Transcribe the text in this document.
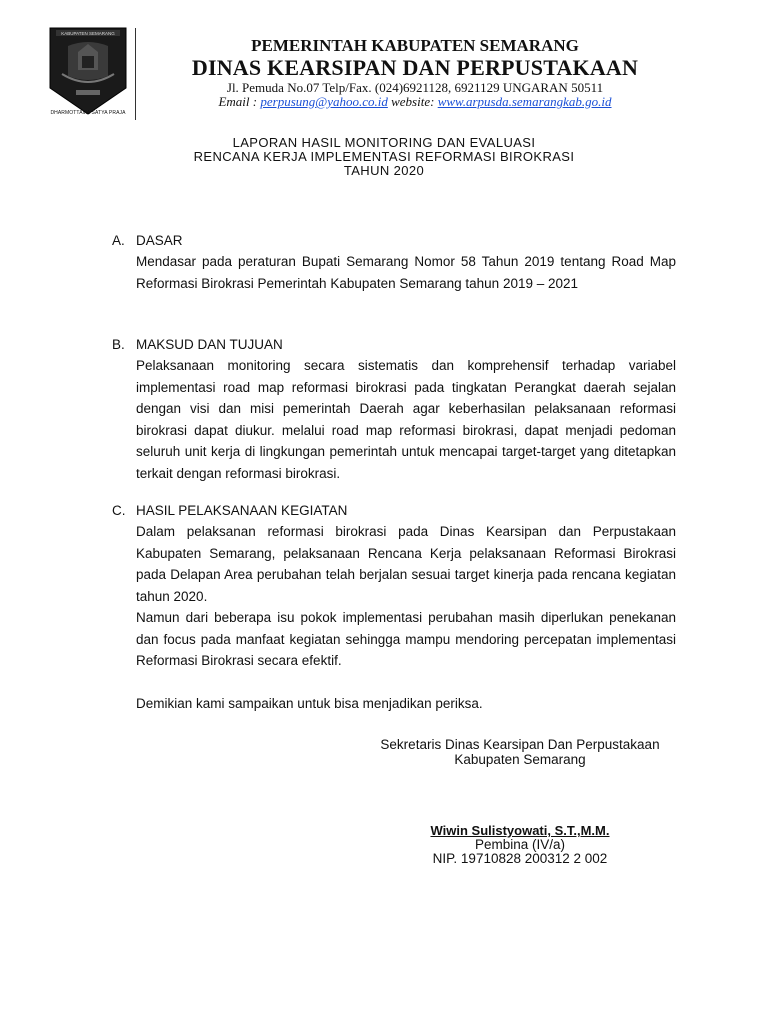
KABUPATEN SEMARANG
DHARMOTTAMA SATYA PRAJA
PEMERINTAH KABUPATEN SEMARANG
DINAS KEARSIPAN DAN PERPUSTAKAAN
Jl. Pemuda No.07 Telp/Fax. (024)6921128, 6921129 UNGARAN 50511
Email : perpusung@yahoo.co.id website: www.arpusda.semarangkab.go.id
LAPORAN HASIL MONITORING DAN EVALUASI
RENCANA KERJA IMPLEMENTASI REFORMASI BIROKRASI
TAHUN 2020
A. DASAR
Mendasar pada peraturan Bupati Semarang Nomor 58 Tahun 2019 tentang Road Map Reformasi Birokrasi Pemerintah Kabupaten Semarang tahun 2019 – 2021
B. MAKSUD DAN TUJUAN
Pelaksanaan monitoring secara sistematis dan komprehensif terhadap variabel implementasi road map reformasi birokrasi pada tingkatan Perangkat daerah sejalan dengan visi dan misi pemerintah Daerah agar keberhasilan pelaksanaan reformasi birokrasi dapat diukur. melalui road map reformasi birokrasi, dapat menjadi pedoman seluruh unit kerja di lingkungan pemerintah untuk mencapai target-target yang ditetapkan terkait dengan reformasi birokrasi.
C. HASIL PELAKSANAAN KEGIATAN
Dalam pelaksanan reformasi birokrasi pada Dinas Kearsipan dan Perpustakaan Kabupaten Semarang, pelaksanaan Rencana Kerja pelaksanaan Reformasi Birokrasi pada Delapan Area perubahan telah berjalan sesuai target kinerja pada rencana kegiatan tahun 2020.
Namun dari beberapa isu pokok implementasi perubahan masih diperlukan penekanan dan focus pada manfaat kegiatan sehingga mampu mendoring percepatan implementasi Reformasi Birokrasi secara efektif.
Demikian kami sampaikan untuk bisa menjadikan periksa.
Sekretaris Dinas Kearsipan Dan Perpustakaan
Kabupaten Semarang
Wiwin Sulistyowati, S.T.,M.M.
Pembina (IV/a)
NIP. 19710828 200312 2 002
